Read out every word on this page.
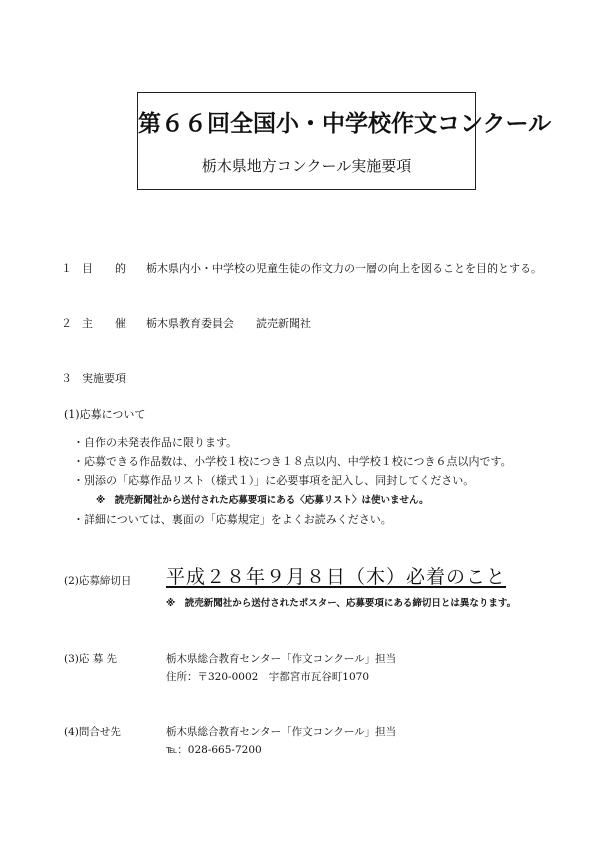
第６６回全国小・中学校作文コンクール
栃木県地方コンクール実施要項
１ 目　　的 栃木県内小・中学校の児童生徒の作文力の一層の向上を図ることを目的とする。
２ 主　　催 栃木県教育委員会　　読売新聞社
３ 実施要項
(1)応募について
・自作の未発表作品に限ります。
・応募できる作品数は、小学校１校につき１８点以内、中学校１校につき６点以内です。
・別添の「応募作品リスト（様式１）」に必要事項を記入し、同封してください。
※　読売新聞社から送付された応募要項にある〈応募リスト〉は使いません。
・詳細については、裏面の「応募規定」をよくお読みください。
(2)応募締切日 平成２８年９月８日（木）必着のこと
※　読売新聞社から送付されたポスター、応募要項にある締切日とは異なります。
(3)応 募 先	栃木県総合教育センター「作文コンクール」担当
住所：〒320-0002　宇都宮市瓦谷町1070
(4)問合せ先	栃木県総合教育センター「作文コンクール」担当
℡：028-665-7200
